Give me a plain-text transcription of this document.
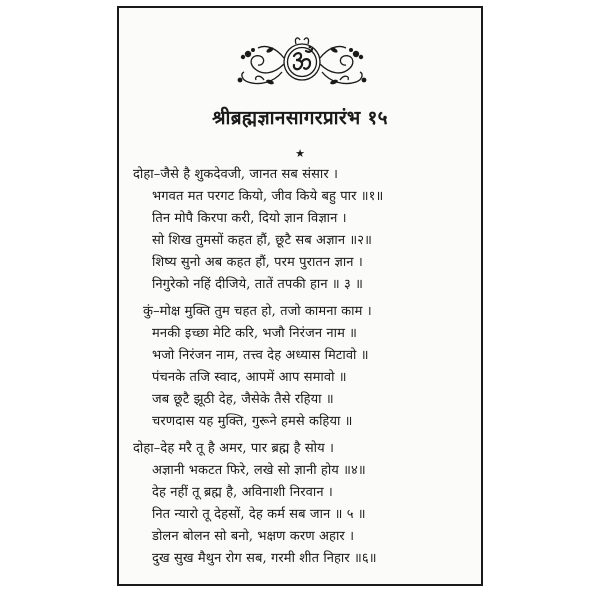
श्रीब्रह्मज्ञानसागरप्रारंभ १५
★
दोहा–जैसे है शुकदेवजी, जानत सब संसार ।
भगवत मत परगट कियो, जीव किये बहु पार ॥१॥
तिन मोपै किरपा करी, दियो ज्ञान विज्ञान ।
सो शिख तुमसों कहत हौं, छूटै सब अज्ञान ॥२॥
शिष्य सुनो अब कहत हौं, परम पुरातन ज्ञान ।
निगुरेको नहिं दीजिये, तातें तपकी हान ॥ ३ ॥
कुं–मोक्ष मुक्ति तुम चहत हो, तजो कामना काम ।
मनकी इच्छा मेटि करि, भजौ निरंजन नाम ॥
भजो निरंजन नाम, तत्त्व देह अध्यास मिटावो ॥
पंचनके तजि स्वाद, आपमें आप समावो ॥
जब छूटै झूठी देह, जैसेके तैसे रहिया ॥
चरणदास यह मुक्ति, गुरूने हमसे कहिया ॥
दोहा–देह मरै तू है अमर, पार ब्रह्म है सोय ।
अज्ञानी भकटत फिरे, लखे सो ज्ञानी होय ॥४॥
देह नहीं तू ब्रह्म है, अविनाशी निरवान ।
नित न्यारो तू देहसों, देह कर्म सब जान ॥ ५ ॥
डोलन बोलन सो बनो, भक्षण करण अहार ।
दुख सुख मैथुन रोग सब, गरमी शीत निहार ॥६॥
